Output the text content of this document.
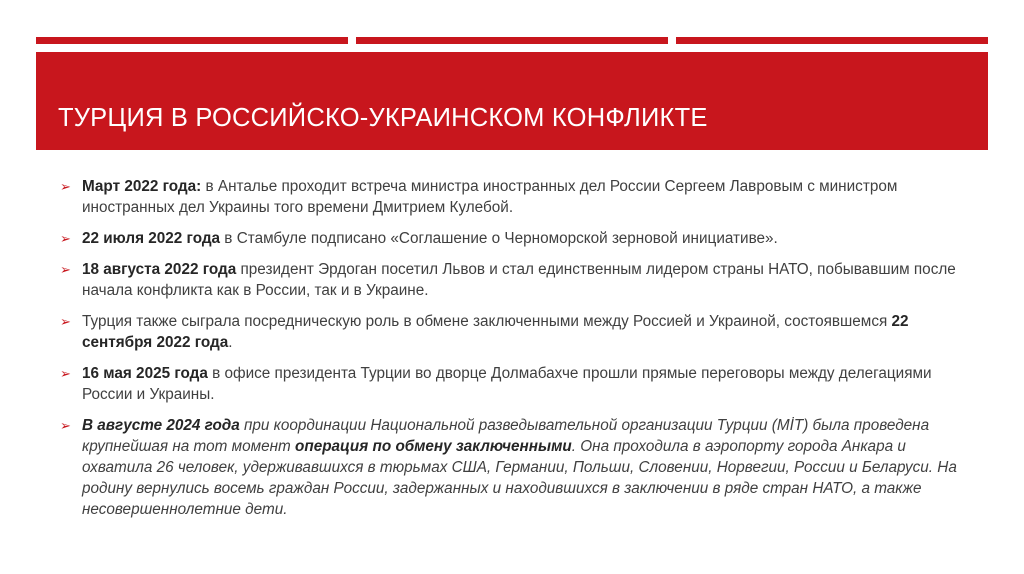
ТУРЦИЯ В РОССИЙСКО-УКРАИНСКОМ КОНФЛИКТЕ
➢ Март 2022 года: в Анталье проходит встреча министра иностранных дел России Сергеем Лавровым с министром иностранных дел Украины того времени Дмитрием Кулебой.
➢ 22 июля 2022 года в Стамбуле подписано «Соглашение о Черноморской зерновой инициативе».
➢ 18 августа 2022 года президент Эрдоган посетил Львов и стал единственным лидером страны НАТО, побывавшим после начала конфликта как в России, так и в Украине.
➢ Турция также сыграла посредническую роль в обмене заключенными между Россией и Украиной, состоявшемся 22 сентября 2022 года.
➢ 16 мая 2025 года в офисе президента Турции во дворце Долмабахче прошли прямые переговоры между делегациями России и Украины.
➢ В августе 2024 года при координации Национальной разведывательной организации Турции (MİT) была проведена крупнейшая на тот момент операция по обмену заключенными. Она проходила в аэропорту города Анкара и охватила 26 человек, удерживавшихся в тюрьмах США, Германии, Польши, Словении, Норвегии, России и Беларуси. На родину вернулись восемь граждан России, задержанных и находившихся в заключении в ряде стран НАТО, а также несовершеннолетние дети.
